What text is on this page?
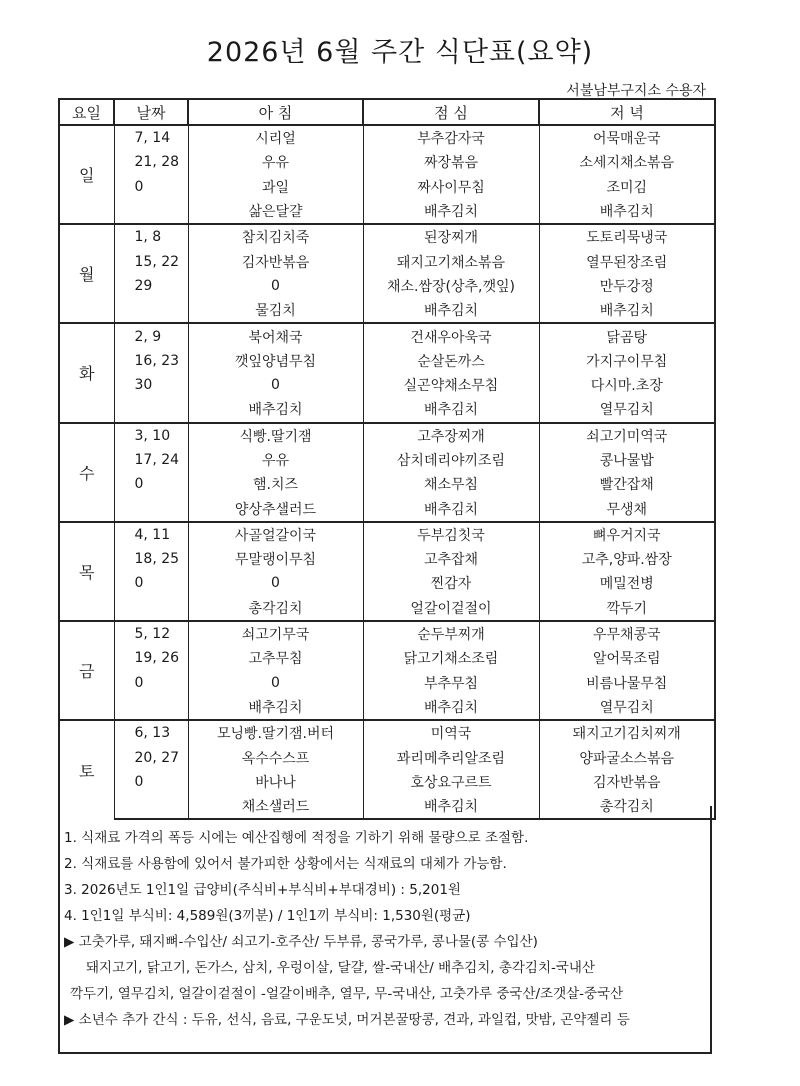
2026년 6월 주간 식단표(요약)
서불남부구지소 수용자
요일	날짜	아 침	점 심	저 녁
일	7, 14	시리얼	부추감자국	어묵매운국
	21, 28	우유	짜장볶음	소세지채소볶음
	0	과일	짜사이무침	조미김
		삶은달걀	배추김치	배추김치
월	1, 8	참치김치죽	된장찌개	도토리묵냉국
	15, 22	김자반볶음	돼지고기채소볶음	열무된장조림
	29	0	채소.쌈장(상추,깻잎)	만두강정
		물김치	배추김치	배추김치
화	2, 9	북어채국	건새우아욱국	닭곰탕
	16, 23	깻잎양념무침	순살돈까스	가지구이무침
	30	0	실곤약채소무침	다시마.초장
		배추김치	배추김치	열무김치
수	3, 10	식빵.딸기잼	고추장찌개	쇠고기미역국
	17, 24	우유	삼치데리야끼조림	콩나물밥
	0	햄.치즈	채소무침	빨간잡채
		양상추샐러드	배추김치	무생채
목	4, 11	사골얼갈이국	두부김칫국	뼈우거지국
	18, 25	무말랭이무침	고추잡채	고추,양파.쌈장
	0	0	찐감자	메밀전병
		총각김치	얼갈이겉절이	깍두기
금	5, 12	쇠고기무국	순두부찌개	우무채콩국
	19, 26	고추무침	닭고기채소조림	알어묵조림
	0	0	부추무침	비름나물무침
		배추김치	배추김치	열무김치
토	6, 13	모닝빵.딸기잼.버터	미역국	돼지고기김치찌개
	20, 27	옥수수스프	꽈리메추리알조림	양파굴소스볶음
	0	바나나	호상요구르트	김자반볶음
		채소샐러드	배추김치	총각김치
1. 식재료 가격의 폭등 시에는 예산집행에 적정을 기하기 위해 물량으로 조절함.
2. 식재료를 사용함에 있어서 불가피한 상황에서는 식재료의 대체가 가능함.
3. 2026년도 1인1일 급양비(주식비+부식비+부대경비) : 5,201원
4. 1인1일 부식비: 4,589원(3끼분) / 1인1끼 부식비: 1,530원(평균)
▶ 고춧가루, 돼지뼈-수입산/ 쇠고기-호주산/ 두부류, 콩국가루, 콩나물(콩 수입산)
돼지고기, 닭고기, 돈가스, 삼치, 우렁이살, 달걀, 쌀-국내산/ 배추김치, 총각김치-국내산
깍두기, 열무김치, 얼갈이겉절이 -얼갈이배추, 열무, 무-국내산, 고춧가루 중국산/조갯살-중국산
▶ 소년수 추가 간식 : 두유, 선식, 음료, 구운도넛, 머거본꿀땅콩, 견과, 과일컵, 맛밤, 곤약젤리 등
